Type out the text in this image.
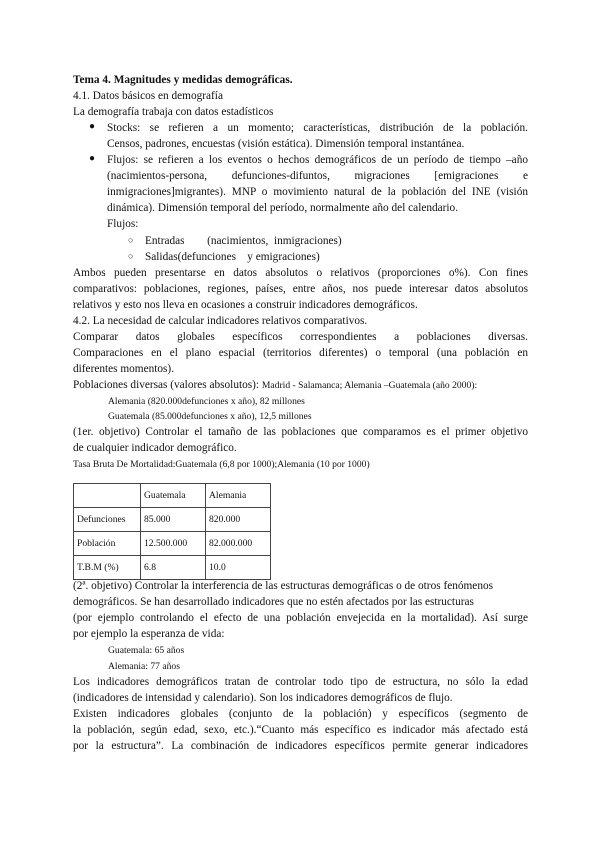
Tema 4. Magnitudes y medidas demográficas.
4.1. Datos básicos en demografía
La demografía trabaja con datos estadísticos
● Stocks: se refieren a un momento; características, distribución de la población.
Censos, padrones, encuestas (visión estática). Dimensión temporal instantánea.
● Flujos: se refieren a los eventos o hechos demográficos de un período de tiempo –año
(nacimientos-persona, defunciones-difuntos, migraciones [emigraciones e
inmigraciones]migrantes). MNP o movimiento natural de la población del INE (visión
dinámica). Dimensión temporal del período, normalmente año del calendario.
Flujos:
○ Entradas        (nacimientos,  inmigraciones)
○ Salidas(defunciones    y emigraciones)
Ambos pueden presentarse en datos absolutos o relativos (proporciones o%). Con fines
comparativos: poblaciones, regiones, países, entre años, nos puede interesar datos absolutos
relativos y esto nos lleva en ocasiones a construir indicadores demográficos.
4.2. La necesidad de calcular indicadores relativos comparativos.
Comparar datos globales específicos correspondientes a poblaciones diversas.
Comparaciones en el plano espacial (territorios diferentes) o temporal (una población en
diferentes momentos).
Poblaciones diversas (valores absolutos): Madrid - Salamanca; Alemania –Guatemala (año 2000):
Alemania (820.000defunciones x año), 82 millones
Guatemala (85.000defunciones x año), 12,5 millones
(1er. objetivo) Controlar el tamaño de las poblaciones que comparamos es el primer objetivo
de cualquier indicador demográfico.
Tasa Bruta De Mortalidad:Guatemala (6,8 por 1000);Alemania (10 por 1000)
	Guatemala	Alemania
Defunciones	85.000	820.000
Población	12.500.000	82.000.000
T.B.M (%)	6.8	10.0
(2ª. objetivo) Controlar la interferencia de las estructuras demográficas o de otros fenómenos
demográficos. Se han desarrollado indicadores que no estén afectados por las estructuras
(por ejemplo controlando el efecto de una población envejecida en la mortalidad). Así surge
por ejemplo la esperanza de vida:
Guatemala: 65 años
Alemania: 77 años
Los indicadores demográficos tratan de controlar todo tipo de estructura, no sólo la edad
(indicadores de intensidad y calendario). Son los indicadores demográficos de flujo.
Existen indicadores globales (conjunto de la población) y específicos (segmento de
la población, según edad, sexo, etc.).“Cuanto más específico es indicador más afectado está
por la estructura”. La combinación de indicadores específicos permite generar indicadores
